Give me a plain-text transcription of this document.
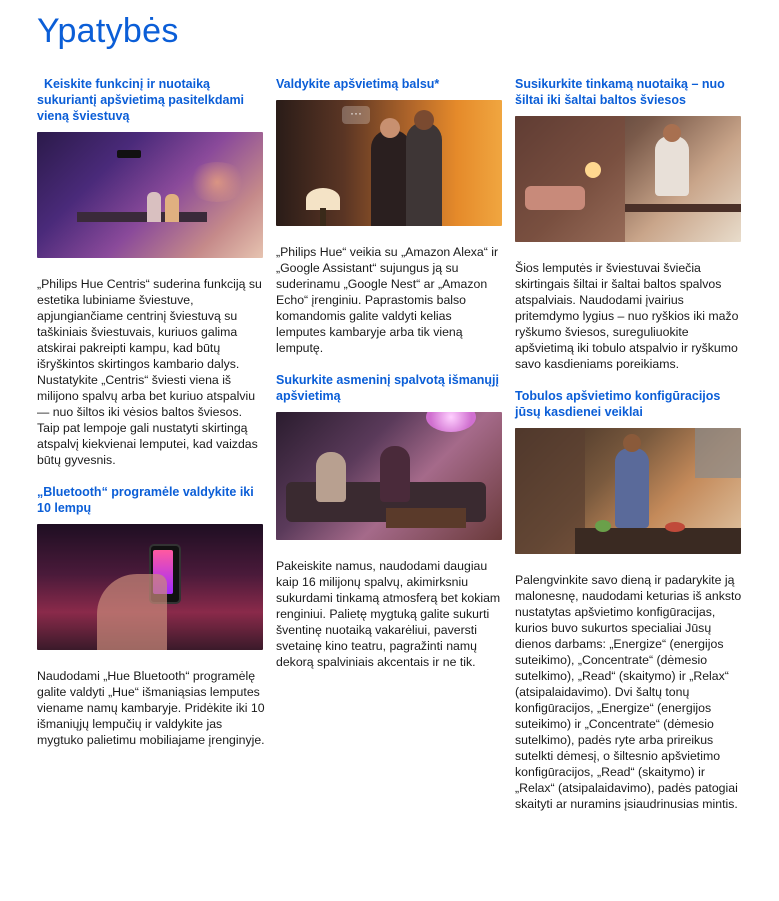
Ypatybės

Keiskite funkcinį ir nuotaiką sukuriantį apšvietimą pasitelkdami vieną šviestuvą

„Philips Hue Centris“ suderina funkciją su estetika lubiniame šviestuve, apjungiančiame centrinį šviestuvą su taškiniais šviestuvais, kuriuos galima atskirai pakreipti kampu, kad būtų išryškintos skirtingos kambario dalys. Nustatykite „Centris“ šviesti viena iš milijono spalvų arba bet kuriuo atspalviu — nuo šiltos iki vėsios baltos šviesos. Taip pat lempoje gali nustatyti skirtingą atspalvį kiekvienai lemputei, kad vaizdas būtų gyvesnis.

„Bluetooth“ programėle valdykite iki 10 lempų

Naudodami „Hue Bluetooth“ programėlę galite valdyti „Hue“ išmaniąsias lemputes viename namų kambaryje. Pridėkite iki 10 išmaniųjų lempučių ir valdykite jas mygtuko palietimu mobiliajame įrenginyje.

Valdykite apšvietimą balsu*

···

„Philips Hue“ veikia su „Amazon Alexa“ ir „Google Assistant“ sujungus ją su suderinamu „Google Nest“ ar „Amazon Echo“ įrenginiu. Paprastomis balso komandomis galite valdyti kelias lemputes kambaryje arba tik vieną lemputę.

Sukurkite asmeninį spalvotą išmanųjį apšvietimą

Pakeiskite namus, naudodami daugiau kaip 16 milijonų spalvų, akimirksniu sukurdami tinkamą atmosferą bet kokiam renginiui. Palietę mygtuką galite sukurti šventinę nuotaiką vakarėliui, paversti svetainę kino teatru, pagražinti namų dekorą spalviniais akcentais ir ne tik.

Susikurkite tinkamą nuotaiką – nuo šiltai iki šaltai baltos šviesos

Šios lemputės ir šviestuvai šviečia skirtingais šiltai ir šaltai baltos spalvos atspalviais. Naudodami įvairius pritemdymo lygius – nuo ryškios iki mažo ryškumo šviesos, sureguliuokite apšvietimą iki tobulo atspalvio ir ryškumo savo kasdieniams poreikiams.

Tobulos apšvietimo konfigūracijos jūsų kasdienei veiklai

Palengvinkite savo dieną ir padarykite ją malonesnę, naudodami keturias iš anksto nustatytas apšvietimo konfigūracijas, kurios buvo sukurtos specialiai Jūsų dienos darbams: „Energize“ (energijos suteikimo), „Concentrate“ (dėmesio sutelkimo), „Read“ (skaitymo) ir „Relax“ (atsipalaidavimo). Dvi šaltų tonų konfigūracijos, „Energize“ (energijos suteikimo) ir „Concentrate“ (dėmesio sutelkimo), padės ryte arba prireikus sutelkti dėmesį, o šiltesnio apšvietimo konfigūracijos, „Read“ (skaitymo) ir „Relax“ (atsipalaidavimo), padės patogiai skaityti ar nuramins įsiaudrinusias mintis.
